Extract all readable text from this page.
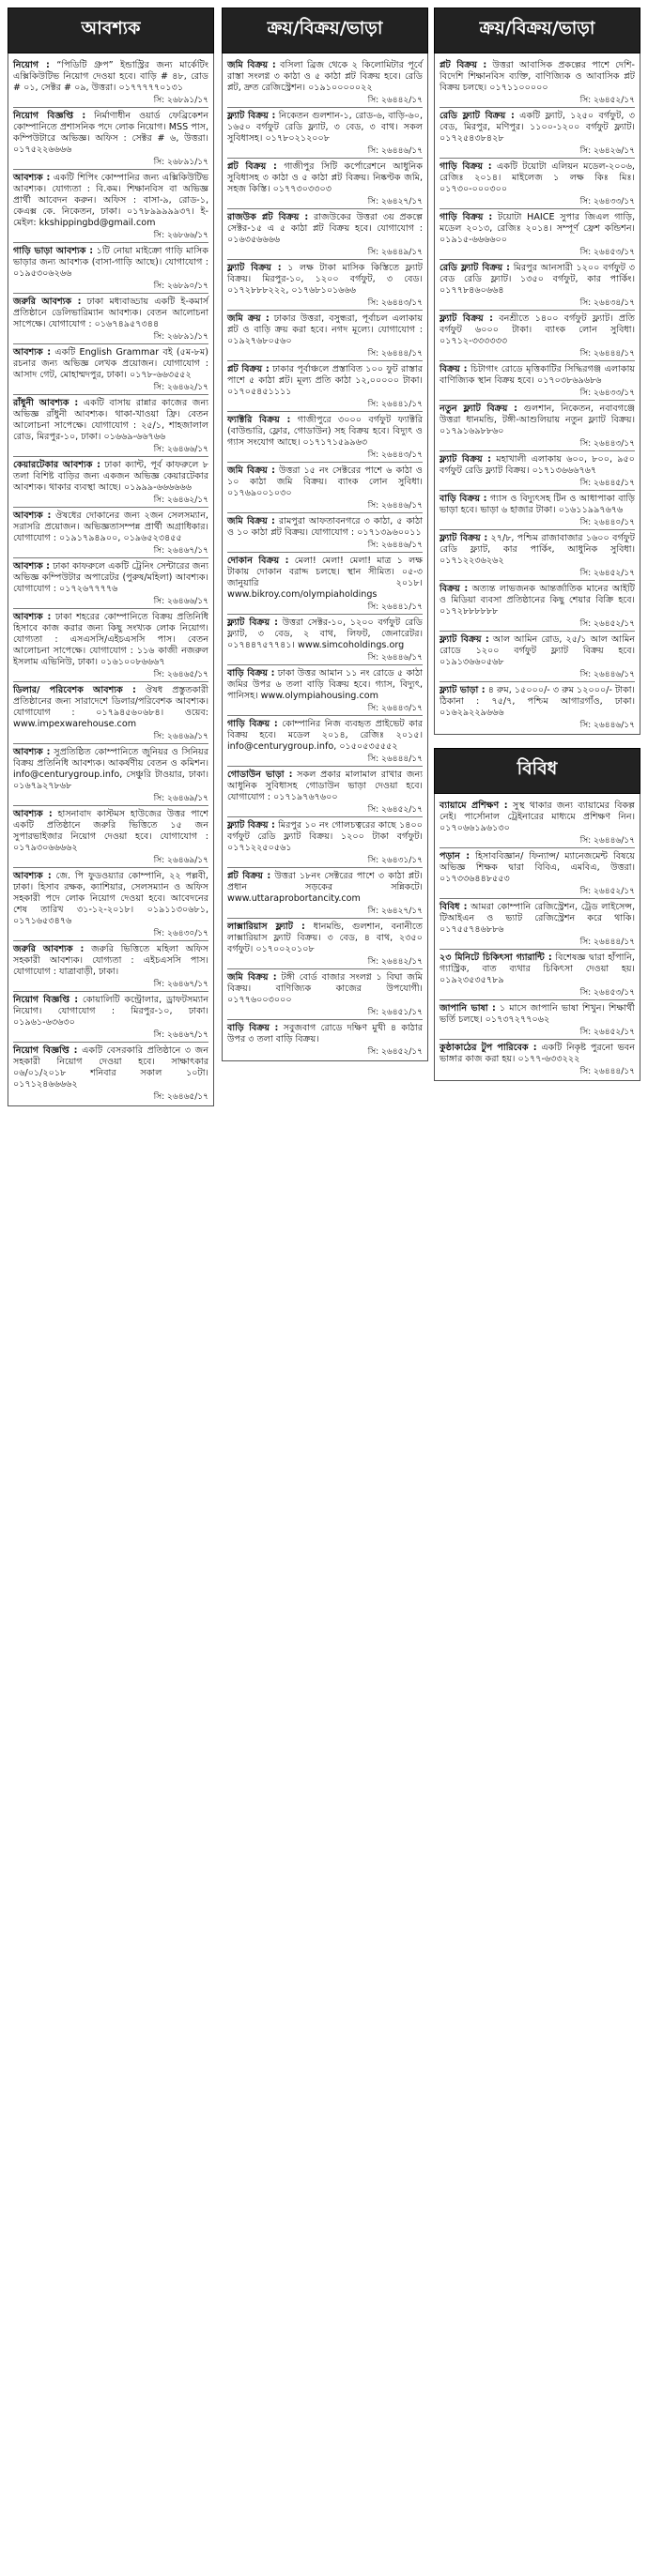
আবশ্যক
নিয়োগ : “পিডিটি গ্রুপ” ইন্ডাস্ট্রির জন্য মার্কেটিং এক্সিকিউটিভ নিয়োগ দেওয়া হবে। বাড়ি # ৪৮, রোড # ০১, সেক্টর # ০৯, উত্তরা। ০১৭৭৭৭৭০১৩১
সি: ২৬৮৯১/১৭
নিয়োগ বিজ্ঞপ্তি : নির্মাণাধীন ওয়ার্ড ফেব্রিকেশন কোম্পানিতে প্রশাসনিক পদে লোক নিয়োগ। MSS পাস, কম্পিউটারে অভিজ্ঞ। অফিস : সেক্টর # ৬, উত্তরা। ০১৭৫২২৬৬৬৬
সি: ২৬৮৯১/১৭
আবশ্যক : একটি শিপিং কোম্পানির জন্য এক্সিকিউটিভ আবশ্যক। যোগ্যতা : বি.কম। শিক্ষানবিস বা অভিজ্ঞ প্রার্থী আবেদন করুন। অফিস : বাসা-৯, রোড-১, কেএক্স কে. নিকেতন, ঢাকা। ০১৭৮৯৯৯৯৯৩৭। ই-মেইল: kkshippingbd@gmail.com
সি: ২৬৮৬৬/১৭
গাড়ি ভাড়া আবশ্যক : ১টি নোয়া মাইক্রো গাড়ি মাসিক ভাড়ার জন্য আবশ্যক (বাসা-গাড়ি আছে)। যোগাযোগ : ০১৯৫৩০৬২৬৬
সি: ২৬৮৯০/১৭
জরুরি আবশ্যক : ঢাকা মধ্যবাড্ডায় একটি ই-কমার্স প্রতিষ্ঠানে ডেলিভারিম্যান আবশ্যক। বেতন আলোচনা সাপেক্ষে। যোগাযোগ : ০১৬৭৪৯৫৭৩৪৪
সি: ২৬৮৯১/১৭
আবশ্যক : একটি English Grammar বই (৫ম-৮ম) রচনার জন্য অভিজ্ঞ লেখক প্রয়োজন। যোগাযোগ : আসাদ গেট, মোহাম্মদপুর, ঢাকা। ০১৭৮-৬৬৩৫৫২
সি: ২৬৪৬২/১৭
রাঁধুনী আবশ্যক : একটি বাসায় রান্নার কাজের জন্য অভিজ্ঞ রাঁধুনী আবশ্যক। থাকা-খাওয়া ফ্রি। বেতন আলোচনা সাপেক্ষে। যোগাযোগ : ২৫/১, শাহজালাল রোড, মিরপুর-১০, ঢাকা। ০১৬৬৯-৬৬৭৬৬
সি: ২৬৪৬৬/১৭
কেয়ারটেকার আবশ্যক : ঢাকা ক্যান্ট, পূর্ব কাফরুলে ৮ তলা বিশিষ্ট বাড়ির জন্য একজন অভিজ্ঞ কেয়ারটেকার আবশ্যক। থাকার ব্যবস্থা আছে। ০১৯৯৯-৬৬৬৬৬৬
সি: ২৬৪৬২/১৭
আবশ্যক : ঔষধের দোকানের জন্য ২জন সেলসম্যান, সরাসরি প্রয়োজন। অভিজ্ঞতাসম্পন্ন প্রার্থী অগ্রাধিকার। যোগাযোগ : ০১৯১৭৯৪৯০০, ০১৯৬৫২৩৪৫৫
সি: ২৬৪৬৭/১৭
আবশ্যক : ঢাকা কাফরুলে একটি ট্রেনিং সেন্টারের জন্য অভিজ্ঞ কম্পিউটার অপারেটর (পুরুষ/মহিলা) আবশ্যক। যোগাযোগ : ০১৭২৬৭৭৭৭৬
সি: ২৬৪৬৬/১৭
আবশ্যক : ঢাকা শহরের কোম্পানিতে বিক্রয় প্রতিনিধি হিসাবে কাজ করার জন্য কিছু সংখ্যক লোক নিয়োগ। যোগ্যতা : এসএসসি/এইচএসসি পাস। বেতন আলোচনা সাপেক্ষে। যোগাযোগ : ১১৬ কাজী নজরুল ইসলাম এভিনিউ, ঢাকা। ০১৬১০০৮৬৬৬৭
সি: ২৬৪৬৫/১৭
ডিলার/ পরিবেশক আবশ্যক : ঔষধ প্রস্তুতকারী প্রতিষ্ঠানের জন্য সারাদেশে ডিলার/পরিবেশক আবশ্যক। যোগাযোগ : ০১৭৯৪৫৬০৬৮৪। ওয়েব: www.impexwarehouse.com
সি: ২৬৪৬৯/১৭
আবশ্যক : সুপ্রতিষ্ঠিত কোম্পানিতে জুনিয়র ও সিনিয়র বিক্রয় প্রতিনিধি আবশ্যক। আকর্ষণীয় বেতন ও কমিশন। info@centurygroup.info, সেঞ্চুরি টাওয়ার, ঢাকা। ০১৬৭৯২৭৮৬৮
সি: ২৬৪৬৯/১৭
আবশ্যক : হাসনাবাদ কাস্টমস হাউজের উত্তর পাশে একটি প্রতিষ্ঠানে জরুরি ভিত্তিতে ১৫ জন সুপারভাইজার নিয়োগ দেওয়া হবে। যোগাযোগ : ০১৭৯৩০৬৬৬৬২
সি: ২৬৪৬৯/১৭
আবশ্যক : জে. পি ফুডওয়্যার কোম্পানি, ২২ পল্লবী, ঢাকা। হিসাব রক্ষক, ক্যাশিয়ার, সেলসম্যান ও অফিস সহকারী পদে লোক নিয়োগ দেওয়া হবে। আবেদনের শেষ তারিখ ৩১-১২-২০১৮। ০১৯১১৩০৬৮১, ০১৭১৬৫৩৪৭৬
সি: ২৬৪৩০/১৭
জরুরি আবশ্যক : জরুরি ভিত্তিতে মহিলা অফিস সহকারী আবশ্যক। যোগ্যতা : এইচএসসি পাস। যোগাযোগ : যাত্রাবাড়ী, ঢাকা।
সি: ২৬৪৬৭/১৭
নিয়োগ বিজ্ঞপ্তি : কোয়ালিটি কন্ট্রোলার, ড্রাফটসম্যান নিয়োগ। যোগাযোগ : মিরপুর-১০, ঢাকা। ০১৯৬১-৬৩৬৩০
সি: ২৬৪৬৭/১৭
নিয়োগ বিজ্ঞপ্তি : একটি বেসরকারি প্রতিষ্ঠানে ৩ জন সহকারী নিয়োগ দেওয়া হবে। সাক্ষাৎকার ০৬/০১/২০১৮ শনিবার সকাল ১০টা। ০১৭১২৪৬৬৬৬২
সি: ২৬৪৬৫/১৭
ক্রয়/বিক্রয়/ভাড়া
জমি বিক্রয় : বসিলা ব্রিজ থেকে ২ কিলোমিটার পূর্বে রাস্তা সংলগ্ন ৩ কাঠা ও ৫ কাঠা প্লট বিক্রয় হবে। রেডি প্লট, দ্রুত রেজিস্ট্রেশন। ০১৯১০০০০০২২
সি: ২৬৪৪২/১৭
ফ্ল্যাট বিক্রয় : নিকেতন গুলশান-১, রোড-৬, বাড়ি-৬০, ১৬৫০ বর্গফুট রেডি ফ্ল্যাট, ৩ বেড, ৩ বাথ। সকল সুবিধাসহ। ০১৭৮০২১২০০৮
সি: ২৬৪৪৬/১৭
প্লট বিক্রয় : গাজীপুর সিটি কর্পোরেশনে আধুনিক সুবিধাসহ ৩ কাঠা ও ৫ কাঠা প্লট বিক্রয়। নিষ্কণ্টক জমি, সহজ কিস্তি। ০১৭৭৩০৩৩০৩
সি: ২৬৪২৭/১৭
রাজউক প্লট বিক্রয় : রাজউকের উত্তরা ৩য় প্রকল্পে সেক্টর-১৫ এ ৫ কাঠা প্লট বিক্রয় হবে। যোগাযোগ : ০১৬৩৫৬৬৬৬
সি: ২৬৪৪৯/১৭
ফ্ল্যাট বিক্রয় : ১ লক্ষ টাকা মাসিক কিস্তিতে ফ্ল্যাট বিক্রয়। মিরপুর-১০, ১২০০ বর্গফুট, ৩ বেড। ০১৭২৮৮৮২২২, ০১৭৬৮১০১৬৬৬
সি: ২৬৪৪৩/১৭
জমি ক্রয় : ঢাকার উত্তরা, বসুন্ধরা, পূর্বাচল এলাকায় প্লট ও বাড়ি ক্রয় করা হবে। নগদ মূল্যে। যোগাযোগ : ০১৯২৭৬৮০৫৬০
সি: ২৬৪৪৪/১৭
প্লট বিক্রয় : ঢাকার পূর্বাঞ্চলে প্রস্তাবিত ১০০ ফুট রাস্তার পাশে ৫ কাঠা প্লট। মূল্য প্রতি কাঠা ১২,০০০০০ টাকা। ০১৭০৫৪৫১১১১
সি: ২৬৪৪১/১৭
ফ্যাক্টরি বিক্রয় : গাজীপুরে ৩০০০ বর্গফুট ফ্যাক্টরি (বাউন্ডারি, ফ্লোর, গোডাউন) সহ বিক্রয় হবে। বিদ্যুৎ ও গ্যাস সংযোগ আছে। ০১৭১৭১৫৯৯৬৩
সি: ২৬৪৪৩/১৭
জমি বিক্রয় : উত্তরা ১৫ নং সেক্টরের পাশে ৬ কাঠা ও ১০ কাঠা জমি বিক্রয়। ব্যাংক লোন সুবিধা। ০১৭৬৯০০১০৩০
সি: ২৬৪৪৬/১৭
জমি বিক্রয় : রামপুরা আফতাবনগরে ৩ কাঠা, ৫ কাঠা ও ১০ কাঠা প্লট বিক্রয়। যোগাযোগ : ০১৭১৩৯৬০০১১
সি: ২৬৪৪৬/১৭
দোকান বিক্রয় : মেলা! মেলা! মেলা! মাত্র ১ লক্ষ টাকায় দোকান বরাদ্দ চলছে। স্থান সীমিত। ০৫-৩ জানুয়ারি ২০১৮। www.bikroy.com/olympiaholdings
সি: ২৬৪৪১/১৭
ফ্ল্যাট বিক্রয় : উত্তরা সেক্টর-১০, ১২০০ বর্গফুট রেডি ফ্ল্যাট, ৩ বেড, ২ বাথ, লিফট, জেনারেটর। ০১৭৪৪৭৫৭৭৪১। www.simcoholdings.org
সি: ২৬৪৪৬/১৭
বাড়ি বিক্রয় : ঢাকা উত্তর আমান ১১ নং রোডে ৫ কাঠা জমির উপর ৬ তলা বাড়ি বিক্রয় হবে। গ্যাস, বিদ্যুৎ, পানিসহ। www.olympiahousing.com
সি: ২৬৪৪৩/১৭
গাড়ি বিক্রয় : কোম্পানির নিজ ব্যবহৃত প্রাইভেট কার বিক্রয় হবে। মডেল ২০১৪, রেজিঃ ২০১৫। info@centurygroup.info, ০১৫০৫৩৫৫৫২
সি: ২৬৪৪৪/১৭
গোডাউন ভাড়া : সকল প্রকার মালামাল রাখার জন্য আধুনিক সুবিধাসহ গোডাউন ভাড়া দেওয়া হবে। যোগাযোগ : ০১৭১৯৭৬৭৬০০
সি: ২৬৪৫২/১৭
ফ্ল্যাট বিক্রয় : মিরপুর ১০ নং গোলচত্বরের কাছে ১৪০০ বর্গফুট রেডি ফ্ল্যাট বিক্রয়। ১২০০ টাকা বর্গফুট। ০১৭১২২৫০৫৬১
সি: ২৬৪৩১/১৭
প্লট বিক্রয় : উত্তরা ১৮নং সেক্টরের পাশে ৩ কাঠা প্লট। প্রধান সড়কের সন্নিকটে। www.uttaraprobortancity.com
সি: ২৬৪২৭/১৭
লাক্সারিয়াস ফ্ল্যাট : ধানমন্ডি, গুলশান, বনানীতে লাক্সারিয়াস ফ্ল্যাট বিক্রয়। ৩ বেড, ৪ বাথ, ২৩৫০ বর্গফুট। ০১৭০০২০১০৮
সি: ২৬৪৪২/১৭
জমি বিক্রয় : টঙ্গী বোর্ড বাজার সংলগ্ন ১ বিঘা জমি বিক্রয়। বাণিজ্যিক কাজের উপযোগী। ০১৭৭৬০০৩০০০
সি: ২৬৪৫১/১৭
বাড়ি বিক্রয় : সবুজবাগ রোডে দক্ষিণ মুখী ৪ কাঠার উপর ৩ তলা বাড়ি বিক্রয়।
সি: ২৬৪৫২/১৭
ক্রয়/বিক্রয়/ভাড়া
প্লট বিক্রয় : উত্তরা আবাসিক প্রকল্পের পাশে দেশি-বিদেশি শিক্ষানবিস ব্যক্তি, বাণিজ্যিক ও আবাসিক প্লট বিক্রয় চলছে। ০১৭১১০০০০০
সি: ২৬৪৫২/১৭
রেডি ফ্ল্যাট বিক্রয় : একটি ফ্ল্যাট, ১২৫০ বর্গফুট, ৩ বেড, মিরপুর, মণিপুর। ১১০০-১২০০ বর্গফুট ফ্ল্যাট। ০১৭২৫৪৩৮৪২৮
সি: ২৬৪২৬/১৭
গাড়ি বিক্রয় : একটি টয়োটা এলিয়ন মডেল-২০০৬, রেজিঃ ২০১৪। মাইলেজ ১ লক্ষ কিঃ মিঃ। ০১৭৩০-০০০৩০০
সি: ২৬৪৩৩/১৭
গাড়ি বিক্রয় : টয়োটা HAICE সুপার জিএল গাড়ি, মডেল ২০১৩, রেজিঃ ২০১৪। সম্পূর্ণ ফ্রেশ কন্ডিশন। ০১৯১৫-৬৬৬৬০০
সি: ২৬৪৫৩/১৭
রেডি ফ্ল্যাট বিক্রয় : মিরপুর আনসারী ১২০০ বর্গফুট ৩ বেড রেডি ফ্ল্যাট। ১৩৫০ বর্গফুট, কার পার্কিং। ০১৭৭৮৪৬০৬৬৪
সি: ২৬৪৩৪/১৭
ফ্ল্যাট বিক্রয় : বনশ্রীতে ১৪০০ বর্গফুট ফ্ল্যাট। প্রতি বর্গফুট ৬০০০ টাকা। ব্যাংক লোন সুবিধা। ০১৭১২-৩৩৩৩৩৩
সি: ২৬৪৪৪/১৭
বিক্রয় : চিটাগাং রোডে মৃত্তিকাটির সিদ্ধিরগঞ্জ এলাকায় বাণিজ্যিক স্থান বিক্রয় হবে। ০১৭০৩৮৬৯৬৮৬
সি: ২৬৪৩৩/১৭
নতুন ফ্ল্যাট বিক্রয় : গুলশান, নিকেতন, নবাবগঞ্জে উত্তরা ধানমন্ডি, টঙ্গী-আশুলিয়ায় নতুন ফ্ল্যাট বিক্রয়। ০১৭৯১৬৯৮৮৬০
সি: ২৬৪৪৩/১৭
ফ্ল্যাট বিক্রয় : মহাখালী এলাকায় ৬০০, ৮০০, ৯৫০ বর্গফুট রেডি ফ্ল্যাট বিক্রয়। ০১৭১৩৬৬৬৭৬৭
সি: ২৬৪৪৫/১৭
বাড়ি বিক্রয় : গ্যাস ও বিদ্যুৎসহ টিন ও আধাপাকা বাড়ি ভাড়া হবে। ভাড়া ৬ হাজার টাকা। ০১৬১১৯৯৭৬৭৬
সি: ২৬৪৪০/১৭
ফ্ল্যাট বিক্রয় : ২৭/৮, পশ্চিম রাজাবাজার ১৬০০ বর্গফুট রেডি ফ্ল্যাট, কার পার্কিং, আধুনিক সুবিধা। ০১৭১২২৩৬২৬২
সি: ২৬৪৫২/১৭
বিক্রয় : অত্যন্ত লাভজনক আন্তর্জাতিক মানের আইটি ও মিডিয়া ব্যবসা প্রতিষ্ঠানের কিছু শেয়ার বিক্রি হবে। ০১৭২৮৮৮৮৮৮
সি: ২৬৪৫২/১৭
ফ্ল্যাট বিক্রয় : আল আমিন রোড, ২৫/১ আল আমিন রোডে ১২০০ বর্গফুট ফ্ল্যাট বিক্রয় হবে। ০১৯১৩৬৬০৫৬৮
সি: ২৬৪৪৬/১৭
ফ্ল্যাট ভাড়া : ৪ রুম, ১৫০০০/- ৩ রুম ১২০০০/- টাকা। ঠিকানা : ৭৫/৭, পশ্চিম আগারগাঁও, ঢাকা। ০১৬২৯২২৯৬৬৬
সি: ২৬৪৪৬/১৭
বিবিধ
ব্যায়ামে প্রশিক্ষণ : সুস্থ থাকার জন্য ব্যায়ামের বিকল্প নেই। পার্সোনাল ট্রেইনারের মাধ্যমে প্রশিক্ষণ নিন। ০১৭০৬৬১৯৬১৩০
সি: ২৬৪৪৬/১৭
পড়ান : হিসাববিজ্ঞান/ ফিন্যান্স/ ম্যানেজমেন্ট বিষয়ে অভিজ্ঞ শিক্ষক দ্বারা বিবিএ, এমবিএ, উত্তরা। ০১৭৩৩৬৪৪৮৫৫৩
সি: ২৬৪৫২/১৭
বিবিধ : আমরা কোম্পানি রেজিস্ট্রেশন, ট্রেড লাইসেন্স, টিআইএন ও ভ্যাট রেজিস্ট্রেশন করে থাকি। ০১৭৫৫৭৪৬৮৮৬
সি: ২৬৪৪৪/১৭
২৩ মিনিটে চিকিৎসা গ্যারান্টি : বিশেষজ্ঞ দ্বারা হাঁপানি, গ্যাস্ট্রিক, বাত ব্যথার চিকিৎসা দেওয়া হয়। ০১৯২৩৫৩৫৭৮৯
সি: ২৬৪৫৩/১৭
জাপানি ভাষা : ১ মাসে জাপানি ভাষা শিখুন। শিক্ষার্থী ভর্তি চলছে। ০১৭৩৭২৭৭০৬২
সি: ২৬৪৫২/১৭
কুষ্ঠাকাঠের টুপ পারিবেক : একটি নিকৃষ্ট পুরনো ভবন ভাঙ্গার কাজ করা হয়। ০১৭৭-৬৩৩২২২
সি: ২৬৪৪৪/১৭
